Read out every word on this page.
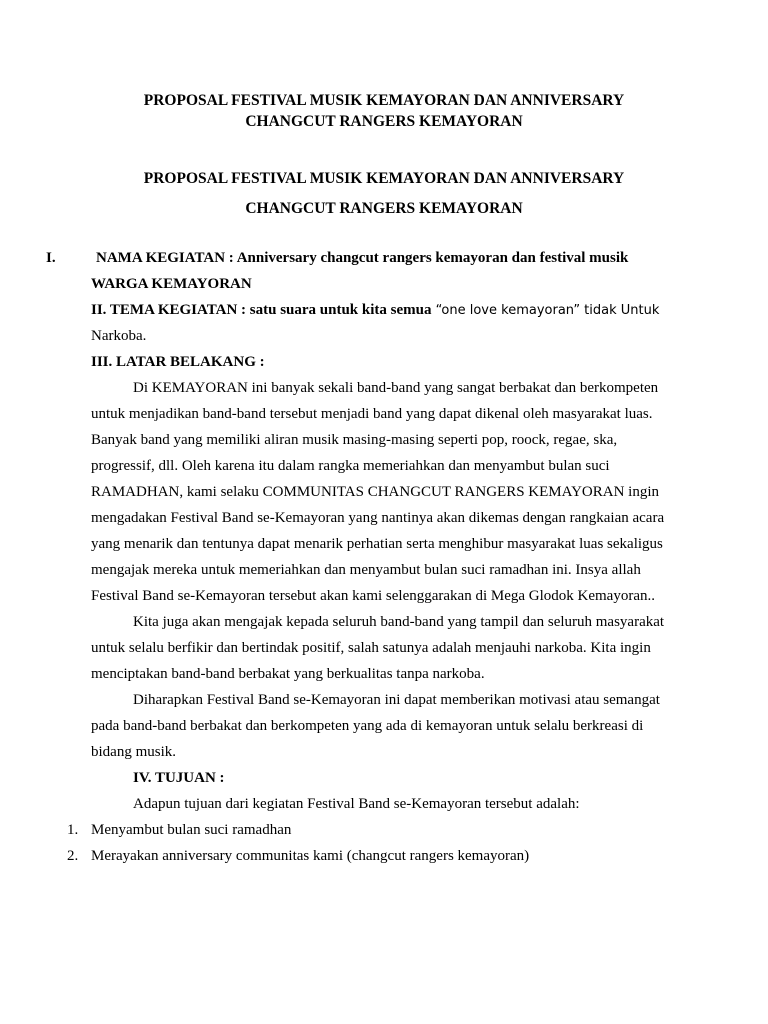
PROPOSAL FESTIVAL MUSIK KEMAYORAN DAN ANNIVERSARY
CHANGCUT RANGERS KEMAYORAN
PROPOSAL FESTIVAL MUSIK KEMAYORAN DAN ANNIVERSARY
CHANGCUT RANGERS KEMAYORAN
I.	NAMA KEGIATAN : Anniversary changcut rangers kemayoran dan festival musik
WARGA KEMAYORAN
II. TEMA KEGIATAN : satu suara untuk kita semua “one love kemayoran” tidak Untuk
Narkoba.
III. LATAR BELAKANG :
Di KEMAYORAN ini banyak sekali band-band yang sangat berbakat dan berkompeten
untuk menjadikan band-band tersebut menjadi band yang dapat dikenal oleh masyarakat luas.
Banyak band yang memiliki aliran musik masing-masing seperti pop, roock, regae, ska,
progressif, dll. Oleh karena itu dalam rangka memeriahkan dan menyambut bulan suci
RAMADHAN, kami selaku COMMUNITAS CHANGCUT RANGERS KEMAYORAN ingin
mengadakan Festival Band se-Kemayoran yang nantinya akan dikemas dengan rangkaian acara
yang menarik dan tentunya dapat menarik perhatian serta menghibur masyarakat luas sekaligus
mengajak mereka untuk memeriahkan dan menyambut bulan suci ramadhan ini. Insya allah
Festival Band se-Kemayoran tersebut akan kami selenggarakan di Mega Glodok Kemayoran..
Kita juga akan mengajak kepada seluruh band-band yang tampil dan seluruh masyarakat
untuk selalu berfikir dan bertindak positif, salah satunya adalah menjauhi narkoba. Kita ingin
menciptakan band-band berbakat yang berkualitas tanpa narkoba.
Diharapkan Festival Band se-Kemayoran ini dapat memberikan motivasi atau semangat
pada band-band berbakat dan berkompeten yang ada di kemayoran untuk selalu berkreasi di
bidang musik.
IV. TUJUAN :
Adapun tujuan dari kegiatan Festival Band se-Kemayoran tersebut adalah:
1. Menyambut bulan suci ramadhan
2. Merayakan anniversary communitas kami (changcut rangers kemayoran)
